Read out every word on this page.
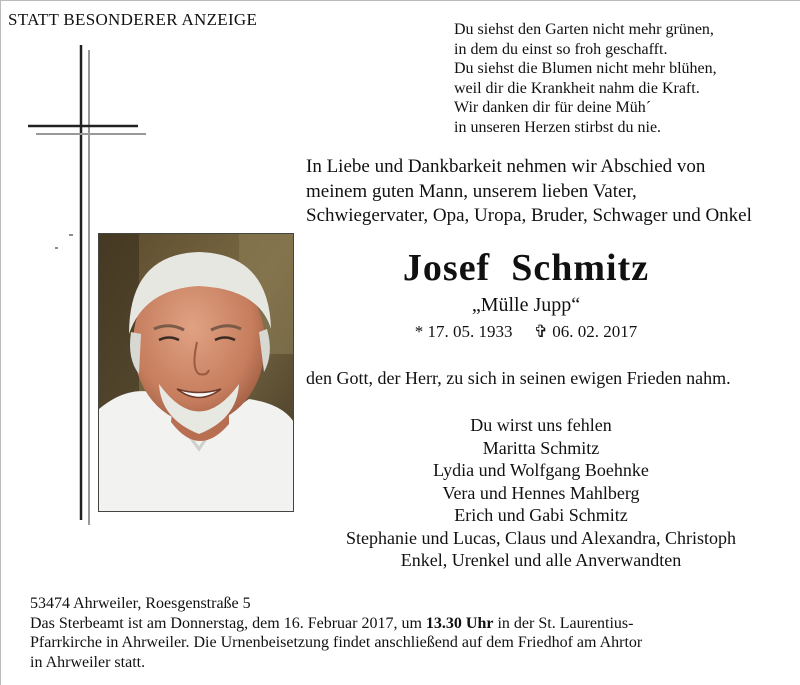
STATT BESONDERER ANZEIGE
Du siehst den Garten nicht mehr grünen,
in dem du einst so froh geschafft.
Du siehst die Blumen nicht mehr blühen,
weil dir die Krankheit nahm die Kraft.
Wir danken dir für deine Müh´
in unseren Herzen stirbst du nie.
In Liebe und Dankbarkeit nehmen wir Abschied von
meinem guten Mann, unserem lieben Vater,
Schwiegervater, Opa, Uropa, Bruder, Schwager und Onkel
Josef  Schmitz
„Mülle Jupp“
* 17. 05. 1933 ✞ 06. 02. 2017
den Gott, der Herr, zu sich in seinen ewigen Frieden nahm.
Du wirst uns fehlen
Maritta Schmitz
Lydia und Wolfgang Boehnke
Vera und Hennes Mahlberg
Erich und Gabi Schmitz
Stephanie und Lucas, Claus und Alexandra, Christoph
Enkel, Urenkel und alle Anverwandten
53474 Ahrweiler, Roesgenstraße 5
Das Sterbeamt ist am Donnerstag, dem 16. Februar 2017, um 13.30 Uhr in der St. Laurentius-
Pfarrkirche in Ahrweiler. Die Urnenbeisetzung findet anschließend auf dem Friedhof am Ahrtor
in Ahrweiler statt.
